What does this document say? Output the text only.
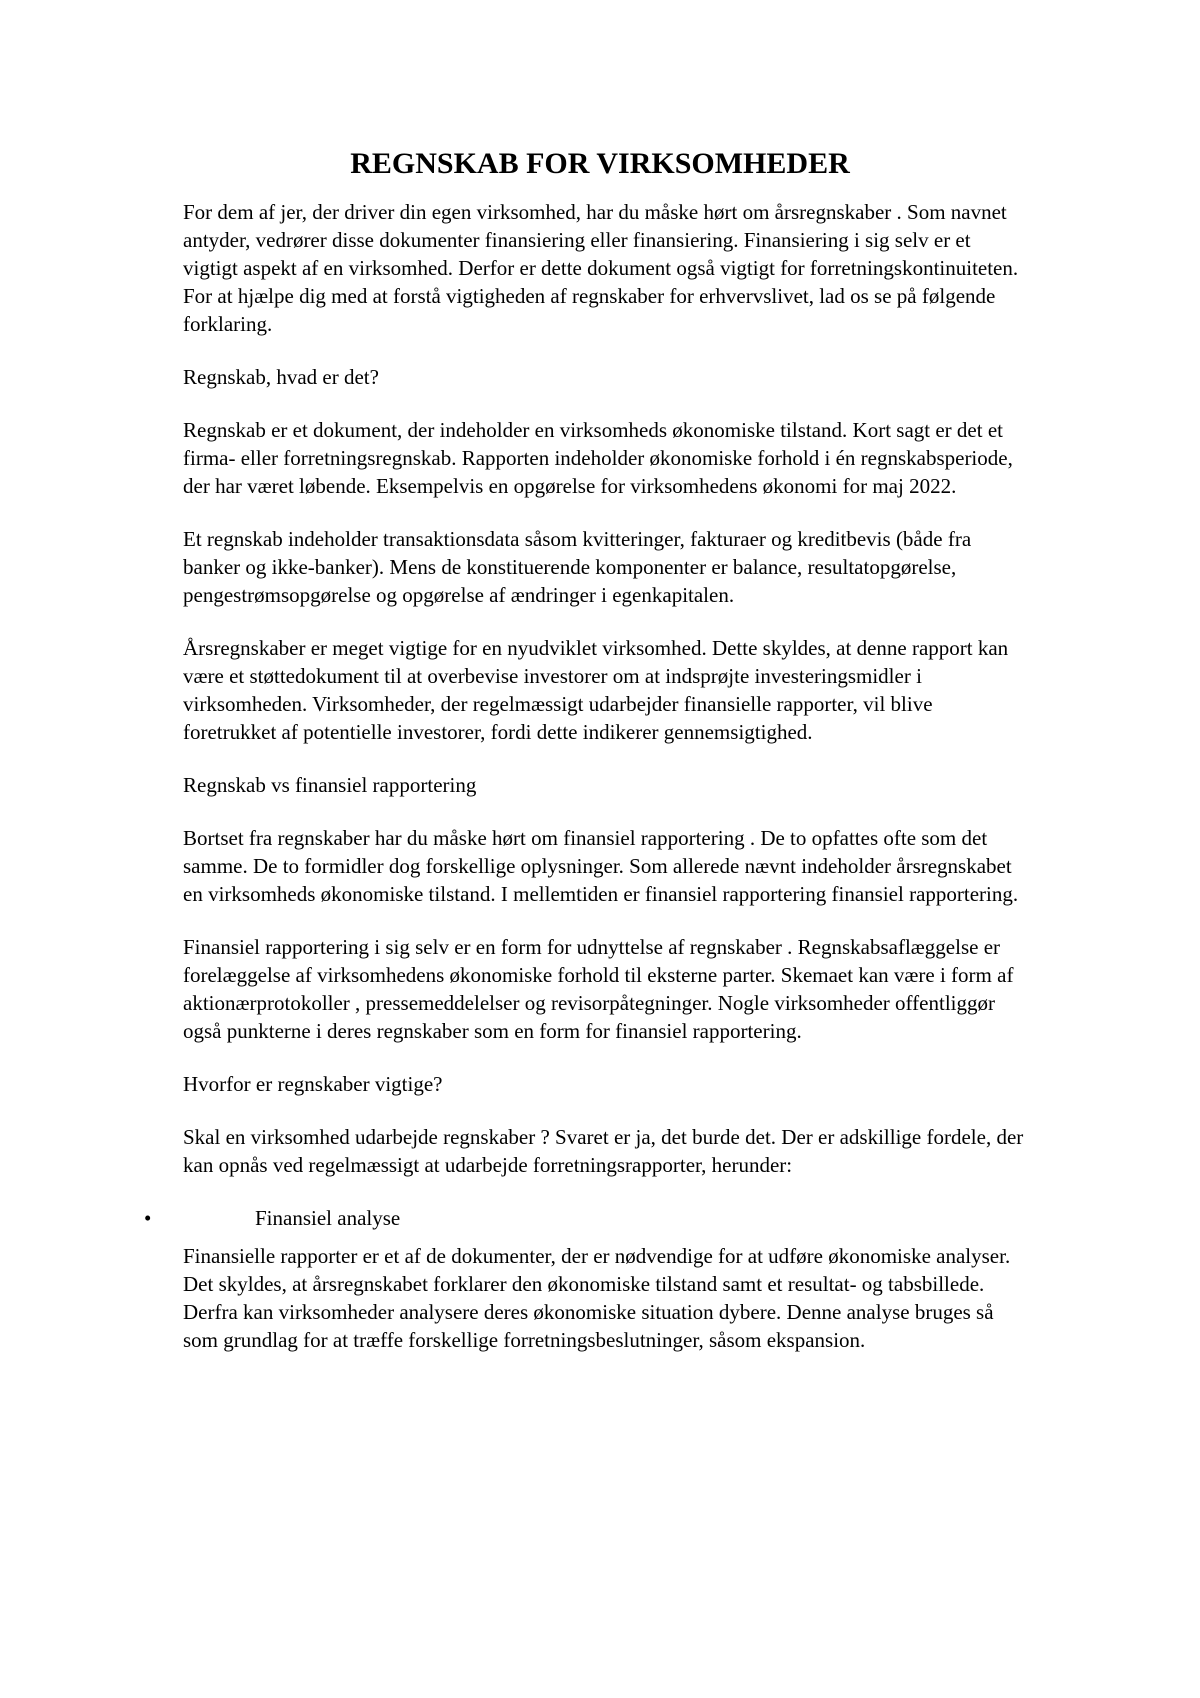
REGNSKAB FOR VIRKSOMHEDER

For dem af jer, der driver din egen virksomhed, har du måske hørt om årsregnskaber . Som navnet antyder, vedrører disse dokumenter finansiering eller finansiering. Finansiering i sig selv er et vigtigt aspekt af en virksomhed. Derfor er dette dokument også vigtigt for forretningskontinuiteten. For at hjælpe dig med at forstå vigtigheden af regnskaber for erhvervslivet, lad os se på følgende forklaring.

Regnskab, hvad er det?

Regnskab er et dokument, der indeholder en virksomheds økonomiske tilstand. Kort sagt er det et firma- eller forretningsregnskab. Rapporten indeholder økonomiske forhold i én regnskabsperiode, der har været løbende. Eksempelvis en opgørelse for virksomhedens økonomi for maj 2022.

Et regnskab indeholder transaktionsdata såsom kvitteringer, fakturaer og kreditbevis (både fra banker og ikke-banker). Mens de konstituerende komponenter er balance, resultatopgørelse, pengestrømsopgørelse og opgørelse af ændringer i egenkapitalen.

Årsregnskaber er meget vigtige for en nyudviklet virksomhed. Dette skyldes, at denne rapport kan være et støttedokument til at overbevise investorer om at indsprøjte investeringsmidler i virksomheden. Virksomheder, der regelmæssigt udarbejder finansielle rapporter, vil blive foretrukket af potentielle investorer, fordi dette indikerer gennemsigtighed.

Regnskab vs finansiel rapportering

Bortset fra regnskaber har du måske hørt om finansiel rapportering . De to opfattes ofte som det samme. De to formidler dog forskellige oplysninger. Som allerede nævnt indeholder årsregnskabet en virksomheds økonomiske tilstand. I mellemtiden er finansiel rapportering finansiel rapportering.

Finansiel rapportering i sig selv er en form for udnyttelse af regnskaber . Regnskabsaflæggelse er forelæggelse af virksomhedens økonomiske forhold til eksterne parter. Skemaet kan være i form af aktionærprotokoller , pressemeddelelser og revisorpåtegninger. Nogle virksomheder offentliggør også punkterne i deres regnskaber som en form for finansiel rapportering.

Hvorfor er regnskaber vigtige?

Skal en virksomhed udarbejde regnskaber ? Svaret er ja, det burde det. Der er adskillige fordele, der kan opnås ved regelmæssigt at udarbejde forretningsrapporter, herunder:

•	Finansiel analyse

Finansielle rapporter er et af de dokumenter, der er nødvendige for at udføre økonomiske analyser. Det skyldes, at årsregnskabet forklarer den økonomiske tilstand samt et resultat- og tabsbillede. Derfra kan virksomheder analysere deres økonomiske situation dybere. Denne analyse bruges så som grundlag for at træffe forskellige forretningsbeslutninger, såsom ekspansion.
